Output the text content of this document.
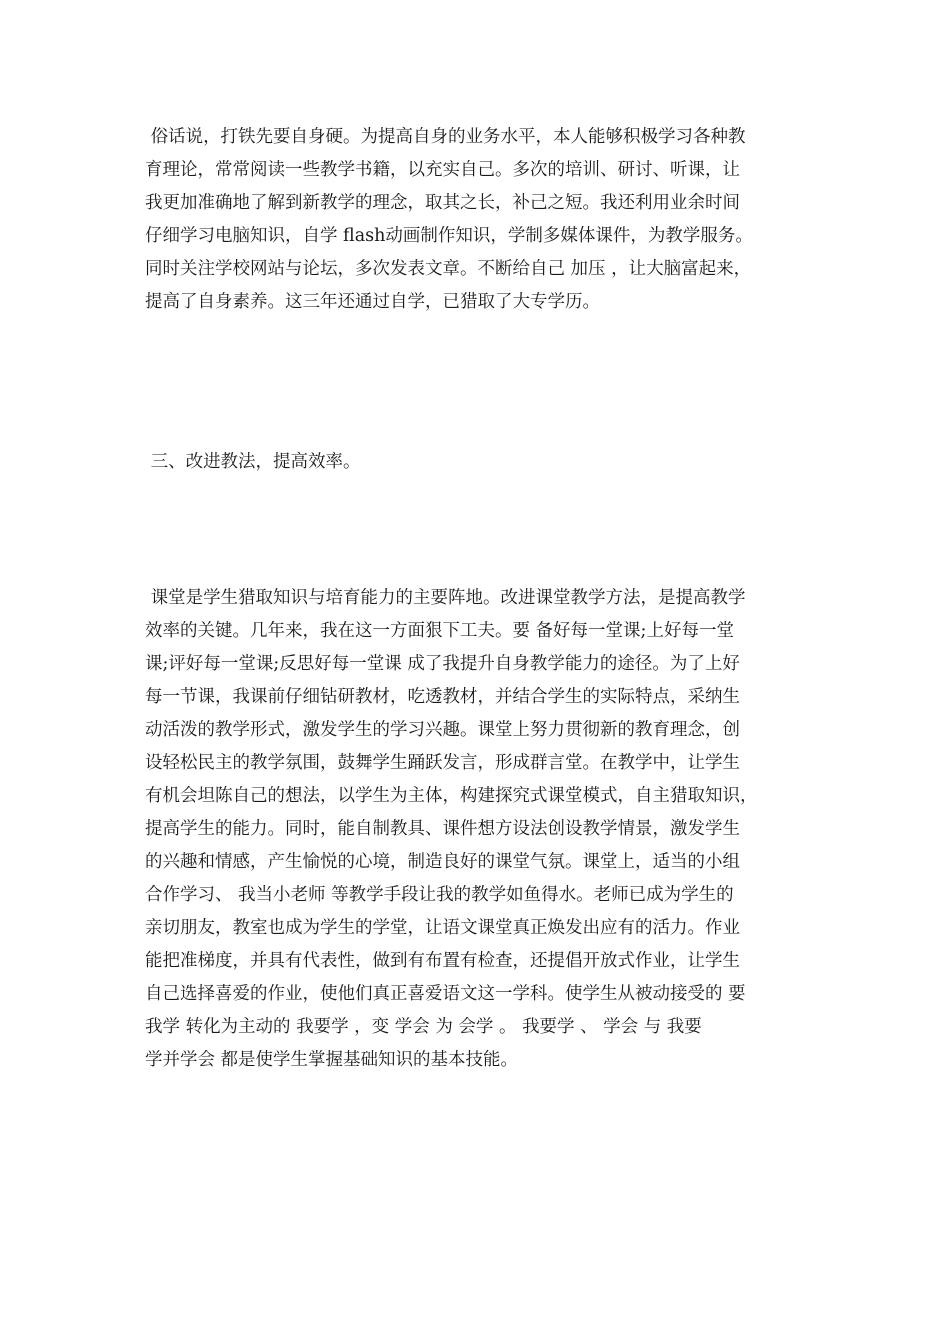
俗话说，打铁先要自身硬。为提高自身的业务水平，本人能够积极学习各种教
育理论，常常阅读一些教学书籍，以充实自己。多次的培训、研讨、听课，让
我更加准确地了解到新教学的理念，取其之长，补己之短。我还利用业余时间
仔细学习电脑知识，自学 flash动画制作知识，学制多媒体课件，为教学服务。
同时关注学校网站与论坛，多次发表文章。不断给自己 加压 ，让大脑富起来，
提高了自身素养。这三年还通过自学，已猎取了大专学历。
三、改进教法，提高效率。
课堂是学生猎取知识与培育能力的主要阵地。改进课堂教学方法，是提高教学
效率的关键。几年来，我在这一方面狠下工夫。要 备好每一堂课;上好每一堂
课;评好每一堂课;反思好每一堂课 成了我提升自身教学能力的途径。为了上好
每一节课，我课前仔细钻研教材，吃透教材，并结合学生的实际特点，采纳生
动活泼的教学形式，激发学生的学习兴趣。课堂上努力贯彻新的教育理念，创
设轻松民主的教学氛围，鼓舞学生踊跃发言，形成群言堂。在教学中，让学生
有机会坦陈自己的想法，以学生为主体，构建探究式课堂模式，自主猎取知识，
提高学生的能力。同时，能自制教具、课件想方设法创设教学情景，激发学生
的兴趣和情感，产生愉悦的心境，制造良好的课堂气氛。课堂上，适当的小组
合作学习、 我当小老师 等教学手段让我的教学如鱼得水。老师已成为学生的
亲切朋友，教室也成为学生的学堂，让语文课堂真正焕发出应有的活力。作业
能把准梯度，并具有代表性，做到有布置有检查，还提倡开放式作业，让学生
自己选择喜爱的作业，使他们真正喜爱语文这一学科。使学生从被动接受的 要
我学 转化为主动的 我要学 ，变 学会 为 会学 。 我要学 、 学会 与 我要
学并学会 都是使学生掌握基础知识的基本技能。
